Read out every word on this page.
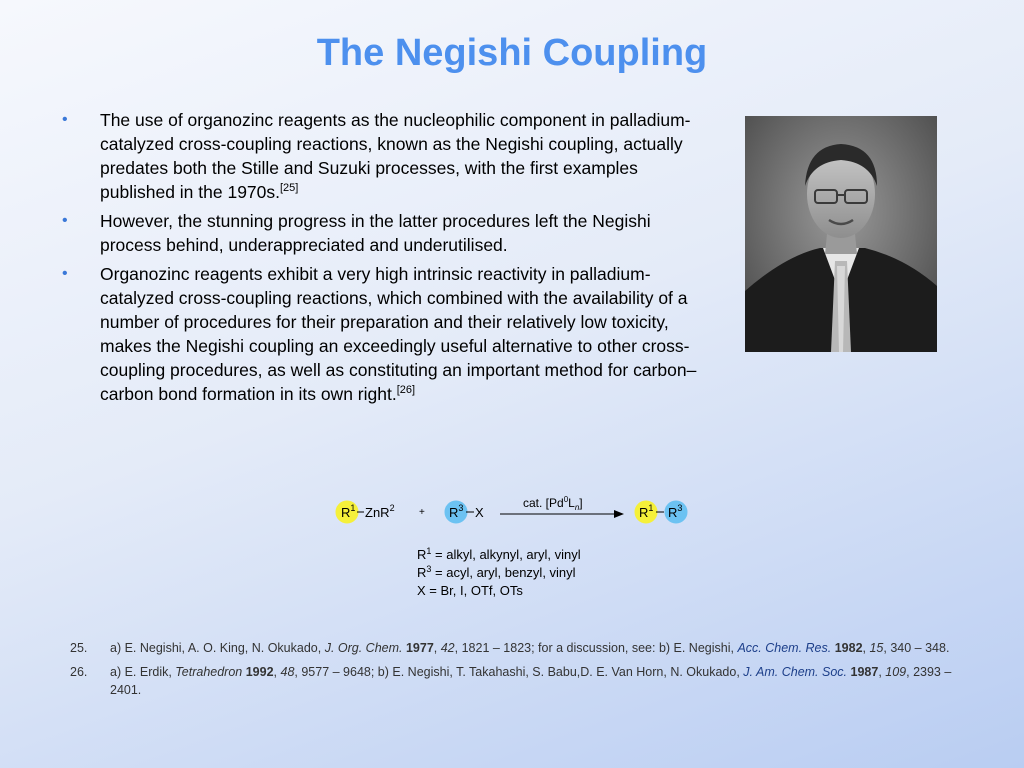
The Negishi Coupling
• The use of organozinc reagents as the nucleophilic component in palladium-catalyzed cross-coupling reactions, known as the Negishi coupling, actually predates both the Stille and Suzuki processes, with the first examples published in the 1970s.[25]
• However, the stunning progress in the latter procedures left the Negishi process behind, underappreciated and underutilised.
• Organozinc reagents exhibit a very high intrinsic reactivity in palladium-catalyzed cross-coupling reactions, which combined with the availability of a number of procedures for their preparation and their relatively low toxicity, makes the Negishi coupling an exceedingly useful alternative to other cross-coupling procedures, as well as constituting an important method for carbon–carbon bond formation in its own right.[26]
$R^1$ $ZnR^2 + R^3$ X
cat. $[Pd^0L_n]$
$R^1$ $R^3$
$R^1$ = alkyl, alkynyl, aryl, vinyl
$R^3$ = acyl, aryl, benzyl, vinyl
X = Br, I, OTf, OTs
25. a) E. Negishi, A. O. King, N. Okukado, J. Org. Chem. 1977, 42, 1821 – 1823; for a discussion, see: b) E. Negishi, Acc. Chem. Res. 1982, 15, 340 – 348.
26. a) E. Erdik, Tetrahedron 1992, 48, 9577 – 9648; b) E. Negishi, T. Takahashi, S. Babu,D. E. Van Horn, N. Okukado, J. Am. Chem. Soc. 1987, 109, 2393 – 2401.
